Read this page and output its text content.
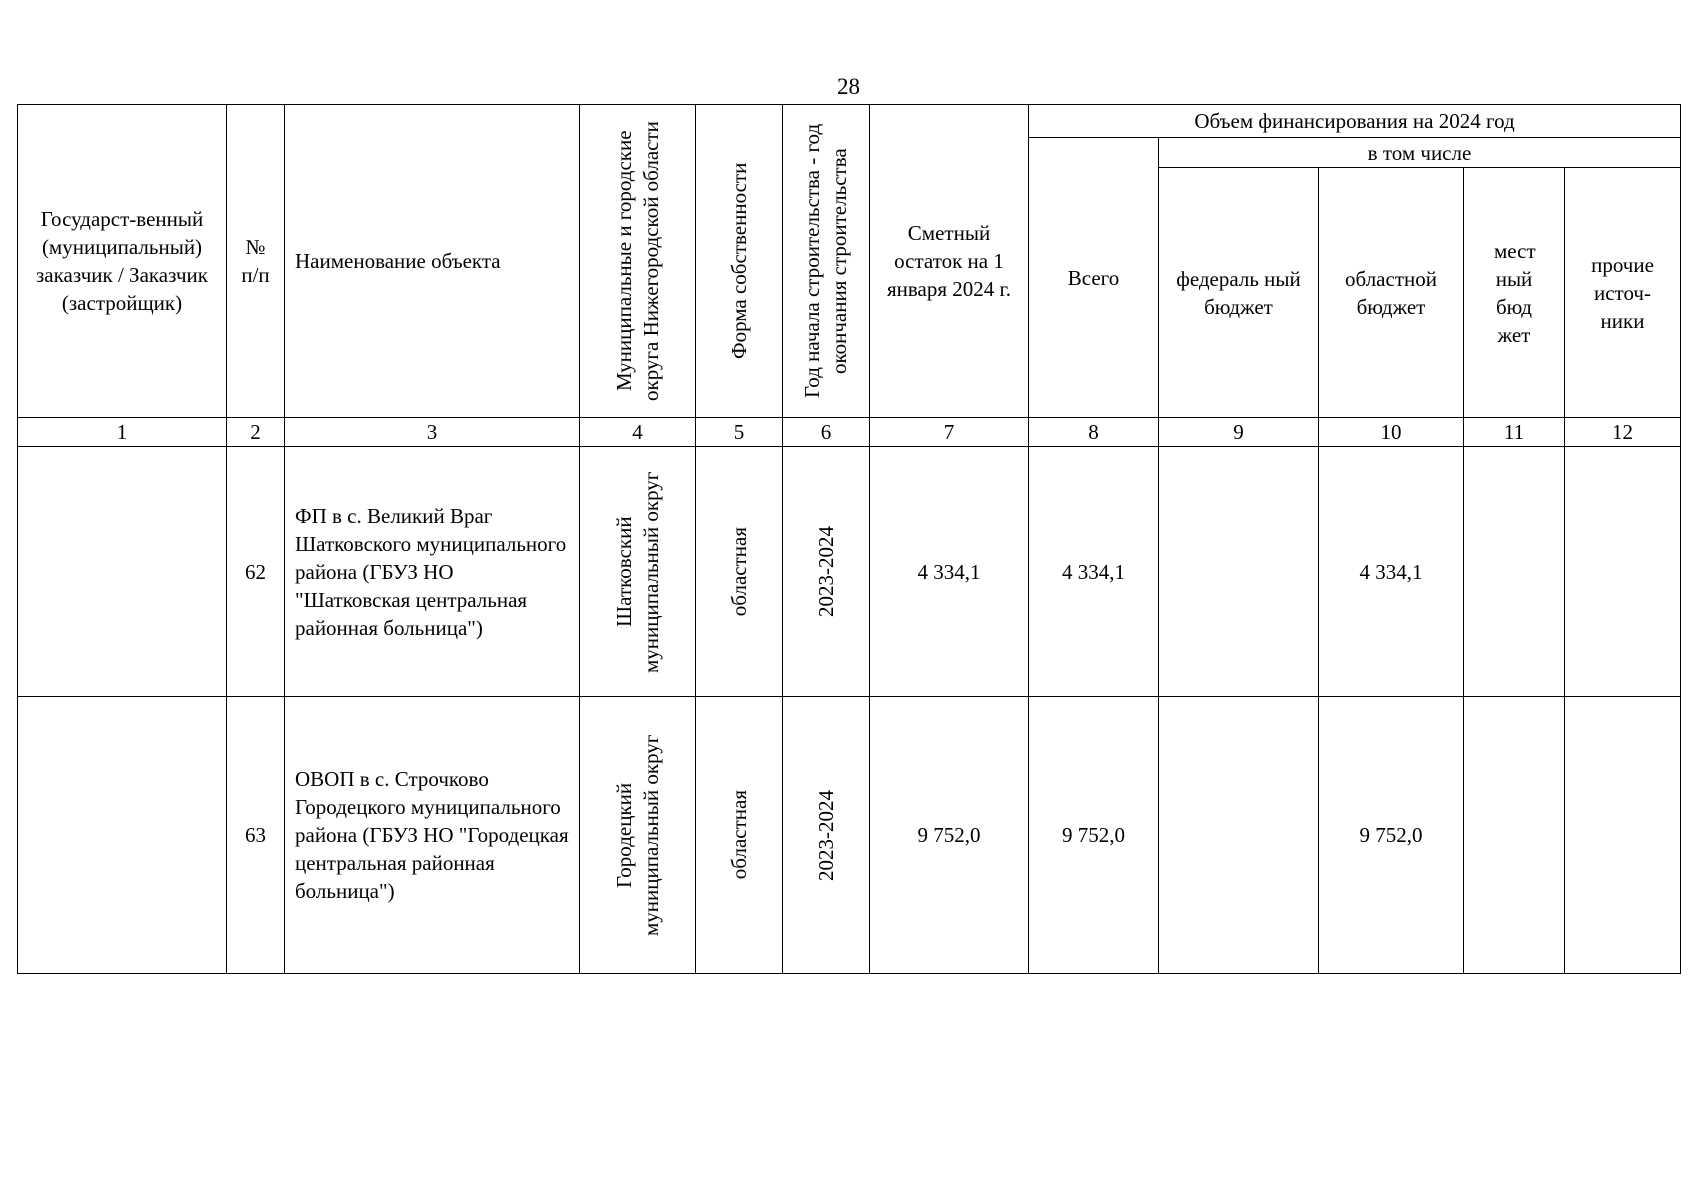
28
Государст-венный (муниципальный) заказчик / Заказчик (застройщик)	№ п/п	Наименование объекта	Муниципальные и городские округа Нижегородской области	Форма собственности	Год начала строительства - год окончания строительства	Сметный остаток на 1 января 2024 г.	Объем финансирования на 2024 год				
							Всего	в том числе			
								федераль ный бюджет	областной бюджет	мест ный бюд жет	прочие источ-ники
1	2	3	4	5	6	7	8	9	10	11	12
	62	ФП в с. Великий Враг Шатковского муниципального района (ГБУЗ НО "Шатковская центральная районная больница")	Шатковский муниципальный округ	областная	2023-2024	4 334,1	4 334,1		4 334,1		
	63	ОВОП в с. Строчково Городецкого муниципального района (ГБУЗ НО "Городецкая центральная районная больница")	Городецкий муниципальный округ	областная	2023-2024	9 752,0	9 752,0		9 752,0		
